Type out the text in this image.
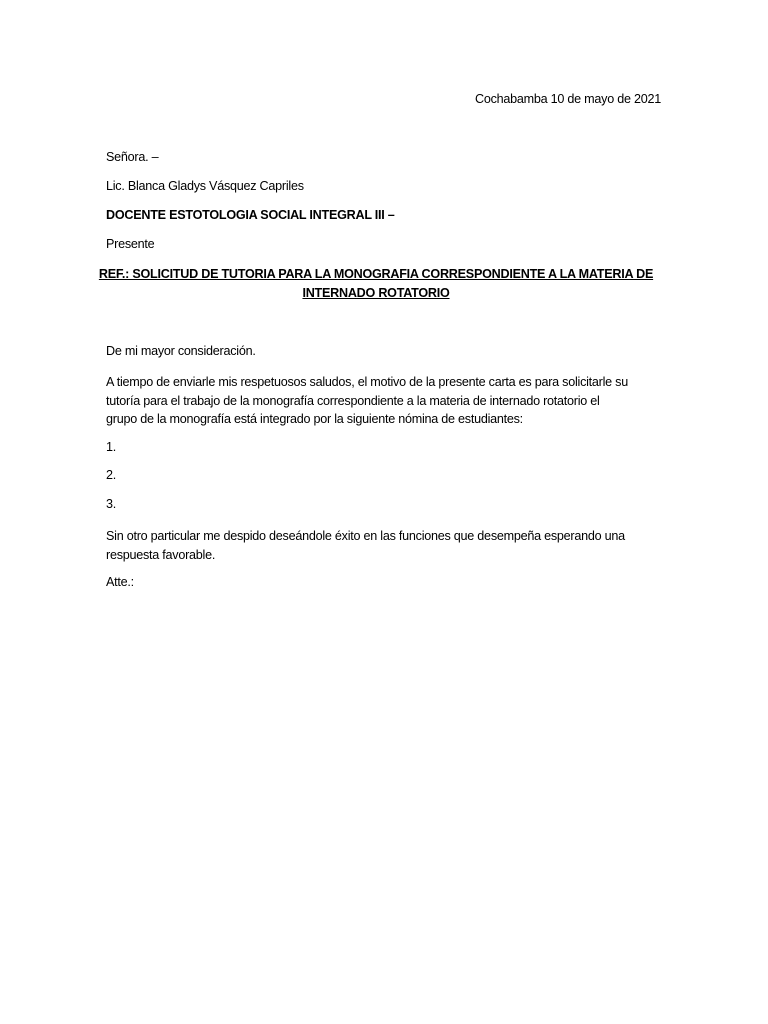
Cochabamba 10 de mayo de 2021
Señora. –
Lic. Blanca Gladys Vásquez Capriles
DOCENTE ESTOTOLOGIA SOCIAL INTEGRAL III –
Presente
REF.: SOLICITUD DE TUTORIA PARA LA MONOGRAFIA CORRESPONDIENTE A LA MATERIA DE
INTERNADO ROTATORIO
De mi mayor consideración.
A tiempo de enviarle mis respetuosos saludos, el motivo de la presente carta es para solicitarle su
tutoría para el trabajo de la monografía correspondiente a la materia de internado rotatorio el
grupo de la monografía está integrado por la siguiente nómina de estudiantes:
1.
2.
3.
Sin otro particular me despido deseándole éxito en las funciones que desempeña esperando una
respuesta favorable.
Atte.:
